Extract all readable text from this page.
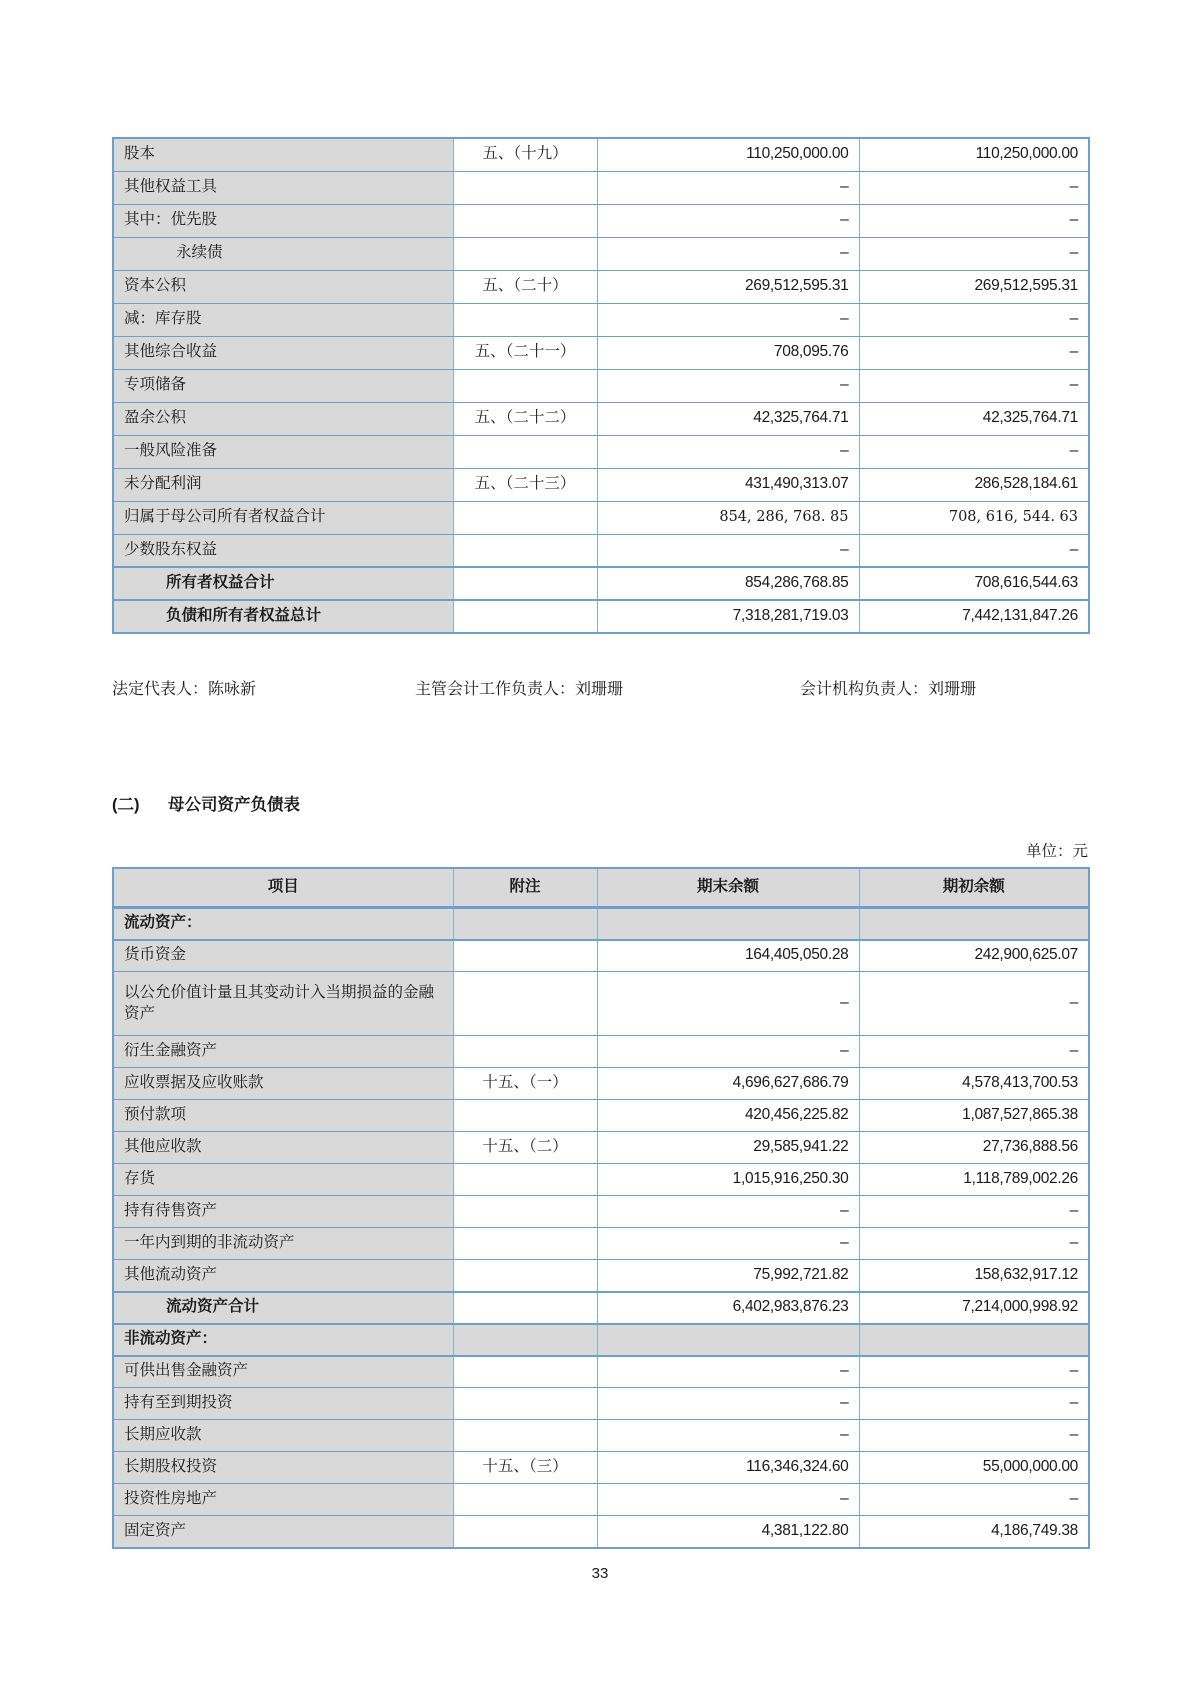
股本	五、（十九）	110,250,000.00	110,250,000.00
其他权益工具		–	–
其中：优先股		–	–
永续债		–	–
资本公积	五、（二十）	269,512,595.31	269,512,595.31
减：库存股		–	–
其他综合收益	五、（二十一）	708,095.76	–
专项储备		–	–
盈余公积	五、（二十二）	42,325,764.71	42,325,764.71
一般风险准备		–	–
未分配利润	五、（二十三）	431,490,313.07	286,528,184.61
归属于母公司所有者权益合计		854, 286, 768. 85	708, 616, 544. 63
少数股东权益		–	–
所有者权益合计		854,286,768.85	708,616,544.63
负债和所有者权益总计		7,318,281,719.03	7,442,131,847.26
法定代表人：陈咏新	主管会计工作负责人：刘珊珊	会计机构负责人：刘珊珊
(二)	母公司资产负债表
单位：元
项目	附注	期末余额	期初余额
流动资产：			
货币资金		164,405,050.28	242,900,625.07
以公允价值计量且其变动计入当期损益的金融资产		–	–
衍生金融资产		–	–
应收票据及应收账款	十五、（一）	4,696,627,686.79	4,578,413,700.53
预付款项		420,456,225.82	1,087,527,865.38
其他应收款	十五、（二）	29,585,941.22	27,736,888.56
存货		1,015,916,250.30	1,118,789,002.26
持有待售资产		–	–
一年内到期的非流动资产		–	–
其他流动资产		75,992,721.82	158,632,917.12
流动资产合计		6,402,983,876.23	7,214,000,998.92
非流动资产：			
可供出售金融资产		–	–
持有至到期投资		–	–
长期应收款		–	–
长期股权投资	十五、（三）	116,346,324.60	55,000,000.00
投资性房地产		–	–
固定资产		4,381,122.80	4,186,749.38
33
